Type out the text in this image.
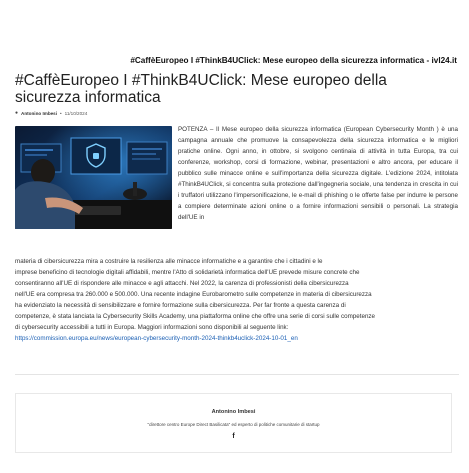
#CaffèEuropeo I #ThinkB4UClick: Mese europeo della sicurezza informatica - ivl24.it
#CaffèEuropeo I #ThinkB4UClick: Mese europeo della sicurezza informatica
● Antonino Imbesi • 11/10/2024

POTENZA – Il Mese europeo della sicurezza informatica (European Cybersecurity Month ) è una campagna annuale che promuove la consapevolezza della sicurezza informatica e le migliori pratiche online. Ogni anno, in ottobre, si svolgono centinaia di attività in tutta Europa, tra cui conferenze, workshop, corsi di formazione, webinar, presentazioni e altro ancora, per educare il pubblico sulle minacce online e sull'importanza della sicurezza digitale. L'edizione 2024, intitolata #ThinkB4UClick, si concentra sulla protezione dall'ingegneria sociale, una tendenza in crescita in cui i truffatori utilizzano l'impersonificazione, le e-mail di phishing o le offerte false per indurre le persone a compiere determinate azioni online o a fornire informazioni sensibili o personali. La strategia dell'UE in

materia di cibersicurezza mira a costruire la resilienza alle minacce informatiche e a garantire che i cittadini e le
imprese beneficino di tecnologie digitali affidabili, mentre l'Atto di solidarietà informatica dell'UE prevede misure concrete che
consentiranno all'UE di rispondere alle minacce e agli attacchi. Nel 2022, la carenza di professionisti della cibersicurezza
nell'UE era compresa tra 260.000 e 500.000. Una recente indagine Eurobarometro sulle competenze in materia di cibersicurezza
ha evidenziato la necessità di sensibilizzare e fornire formazione sulla cibersicurezza. Per far fronte a questa carenza di
competenze, è stata lanciata la Cybersecurity Skills Academy, una piattaforma online che offre una serie di corsi sulle competenze
di cybersecurity accessibili a tutti in Europa. Maggiori informazioni sono disponibili al seguente link:
https://commission.europa.eu/news/european-cybersecurity-month-2024-thinkb4uclick-2024-10-01_en
Antonino Imbesi
"direttore centro Europe Direct Basilicata" ed esperto di politiche comunitarie di startup
f
